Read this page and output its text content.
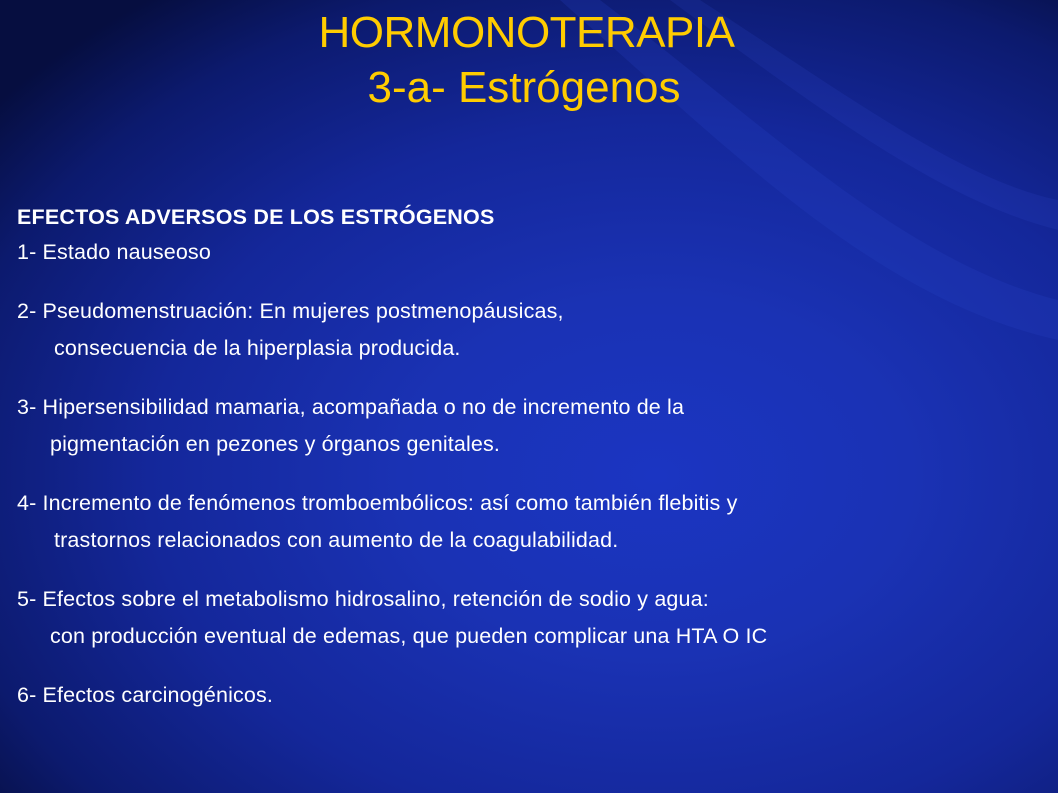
HORMONOTERAPIA
3-a- Estrógenos
EFECTOS ADVERSOS DE LOS ESTRÓGENOS
1- Estado nauseoso
2- Pseudomenstruación: En mujeres postmenopáusicas,
consecuencia de la hiperplasia producida.
3- Hipersensibilidad mamaria, acompañada o no de incremento de la
pigmentación en pezones y órganos genitales.
4- Incremento de fenómenos tromboembólicos: así como también flebitis y
trastornos relacionados con aumento de la coagulabilidad.
5- Efectos sobre el metabolismo hidrosalino, retención de sodio y agua:
con producción eventual de edemas, que pueden complicar una HTA O IC
6- Efectos carcinogénicos.
